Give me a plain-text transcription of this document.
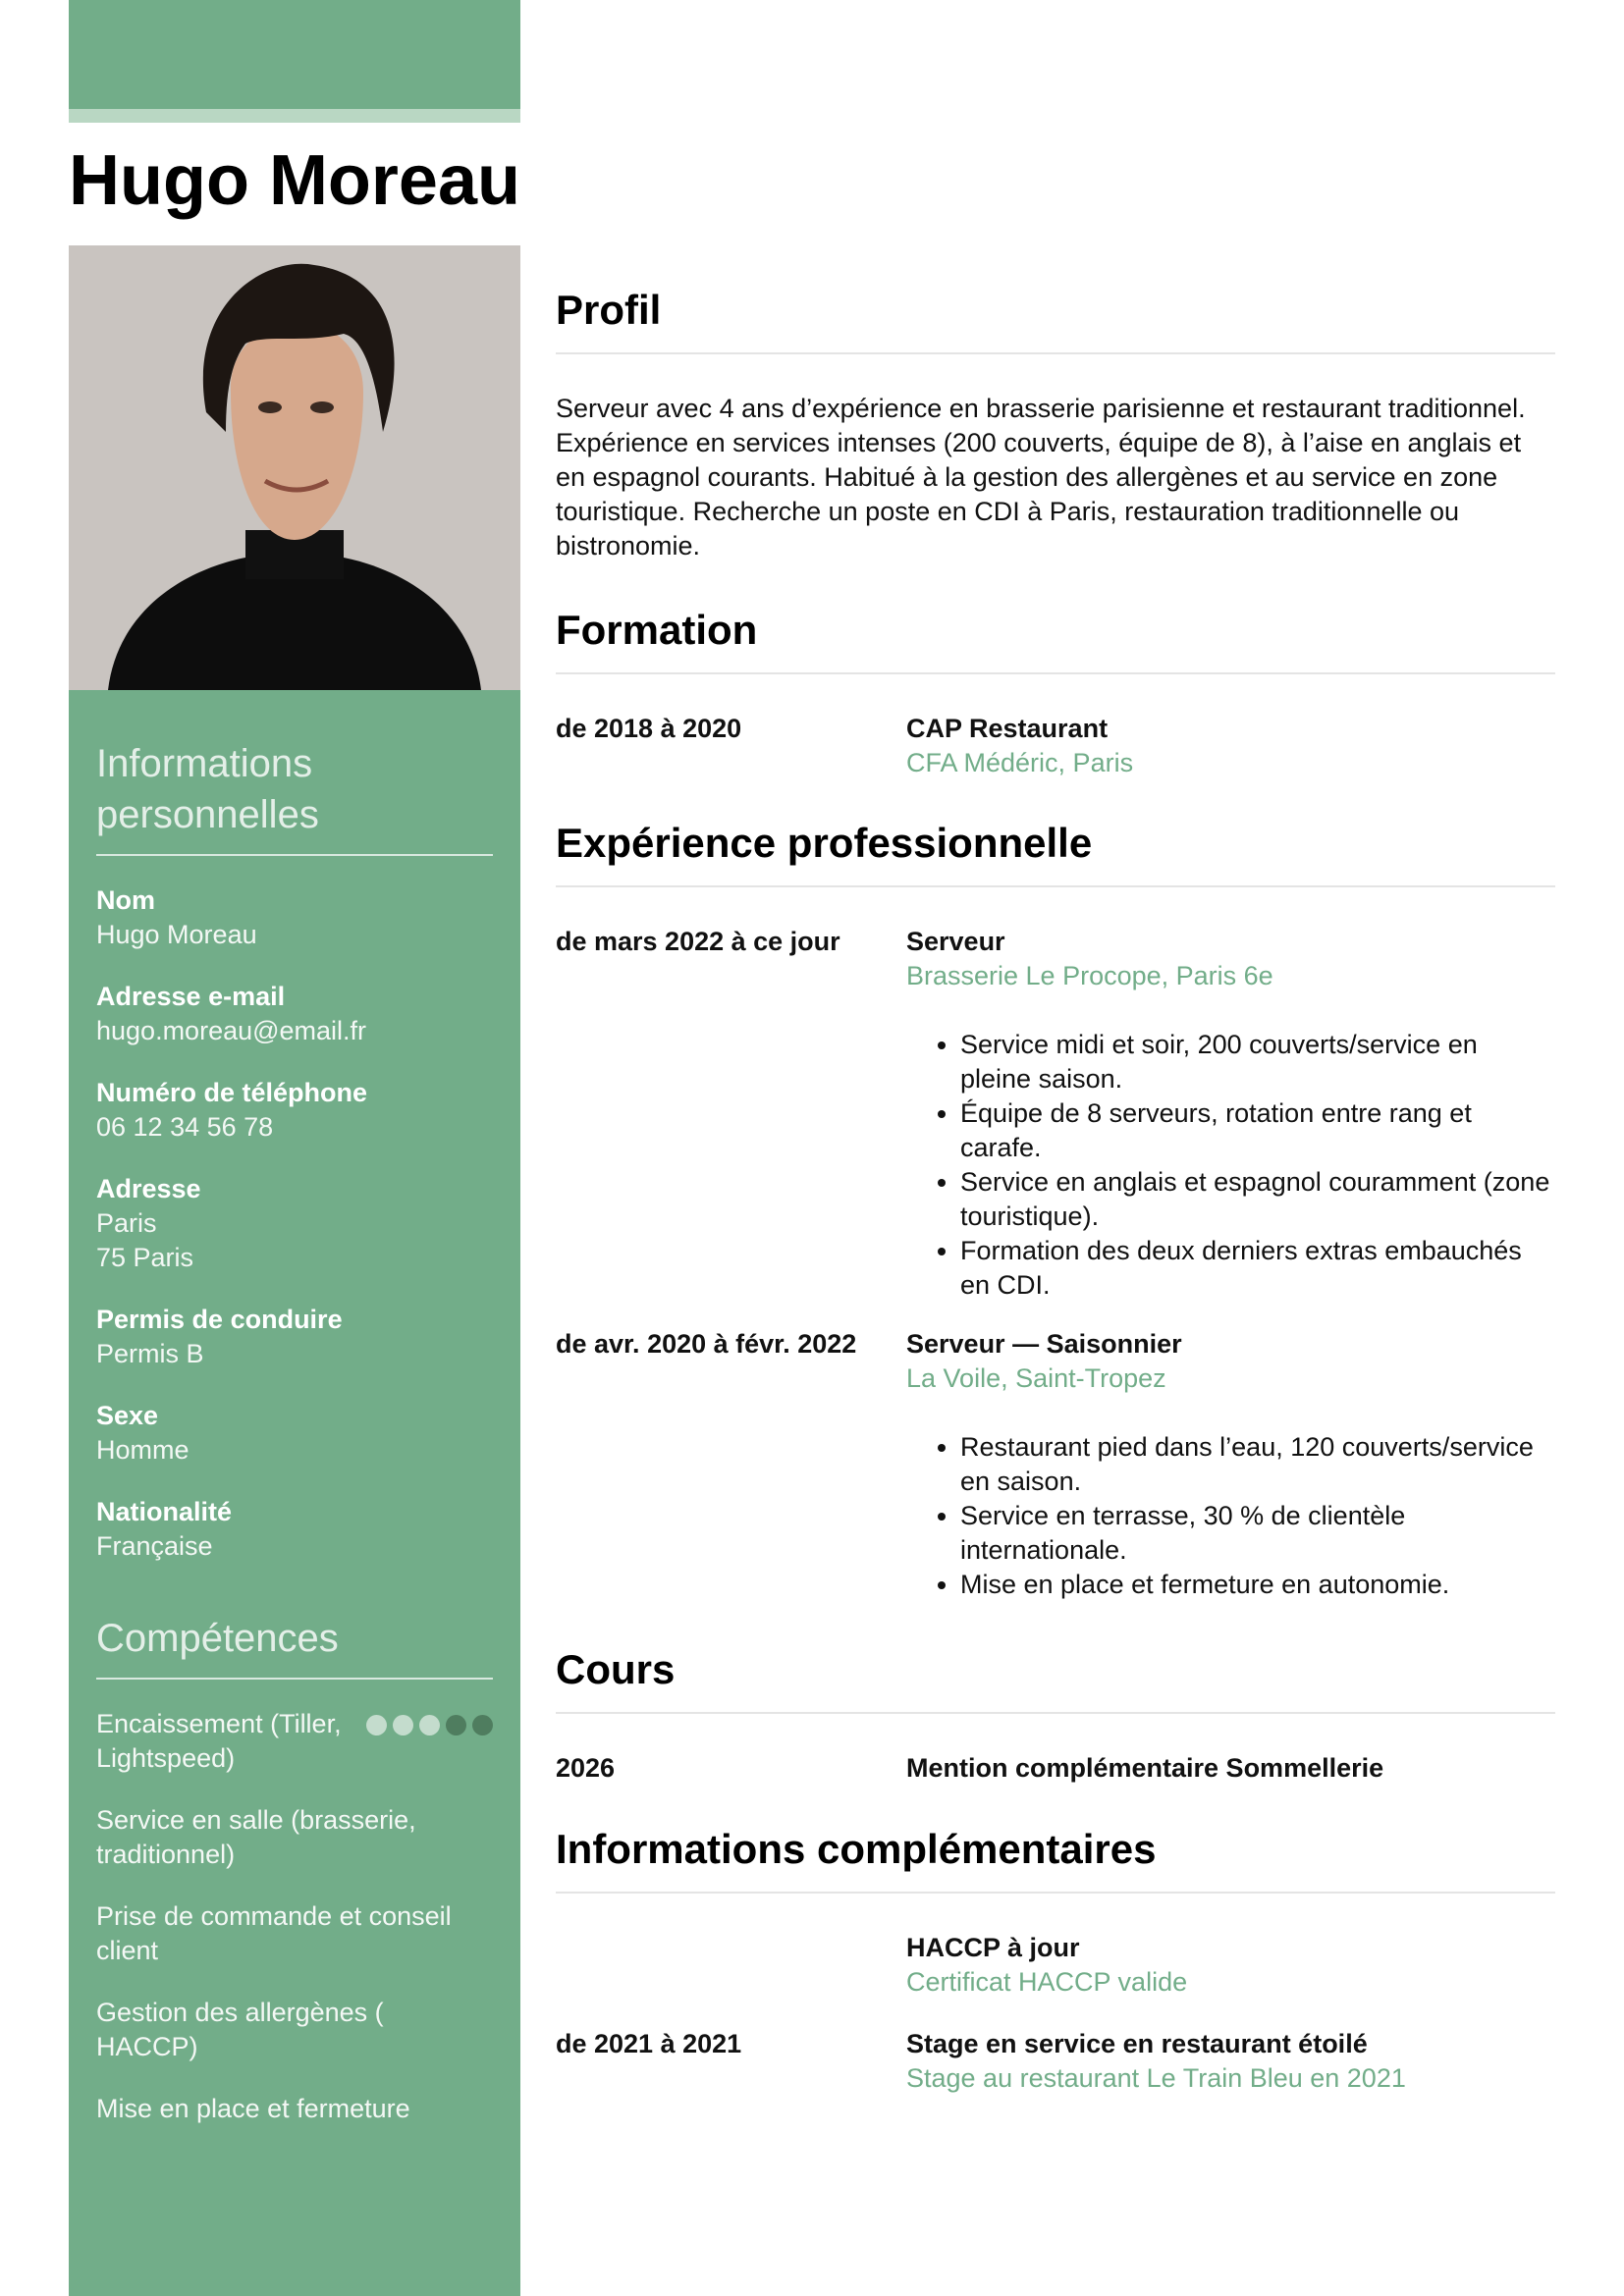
Hugo Moreau
Informations personnelles
Nom
Hugo Moreau
Adresse e-mail
hugo.moreau@email.fr
Numéro de téléphone
06 12 34 56 78
Adresse
Paris
75 Paris
Permis de conduire
Permis B
Sexe
Homme
Nationalité
Française
Compétences
Encaissement (Tiller, Lightspeed)
Service en salle (brasserie, traditionnel)
Prise de commande et conseil client
Gestion des allergènes ( HACCP)
Mise en place et fermeture
Profil
Serveur avec 4 ans d’expérience en brasserie parisienne et restaurant traditionnel. Expérience en services intenses (200 couverts, équipe de 8), à l’aise en anglais et en espagnol courants. Habitué à la gestion des allergènes et au service en zone touristique. Recherche un poste en CDI à Paris, restauration traditionnelle ou bistronomie.
Formation
de 2018 à 2020	CAP Restaurant
CFA Médéric, Paris
Expérience professionnelle
de mars 2022 à ce jour	Serveur
Brasserie Le Procope, Paris 6e
• Service midi et soir, 200 couverts/service en pleine saison.
• Équipe de 8 serveurs, rotation entre rang et carafe.
• Service en anglais et espagnol couramment (zone touristique).
• Formation des deux derniers extras embauchés en CDI.
de avr. 2020 à févr. 2022	Serveur — Saisonnier
La Voile, Saint-Tropez
• Restaurant pied dans l’eau, 120 couverts/service en saison.
• Service en terrasse, 30 % de clientèle internationale.
• Mise en place et fermeture en autonomie.
Cours
2026	Mention complémentaire Sommellerie
Informations complémentaires
HACCP à jour
Certificat HACCP valide
de 2021 à 2021	Stage en service en restaurant étoilé
Stage au restaurant Le Train Bleu en 2021
